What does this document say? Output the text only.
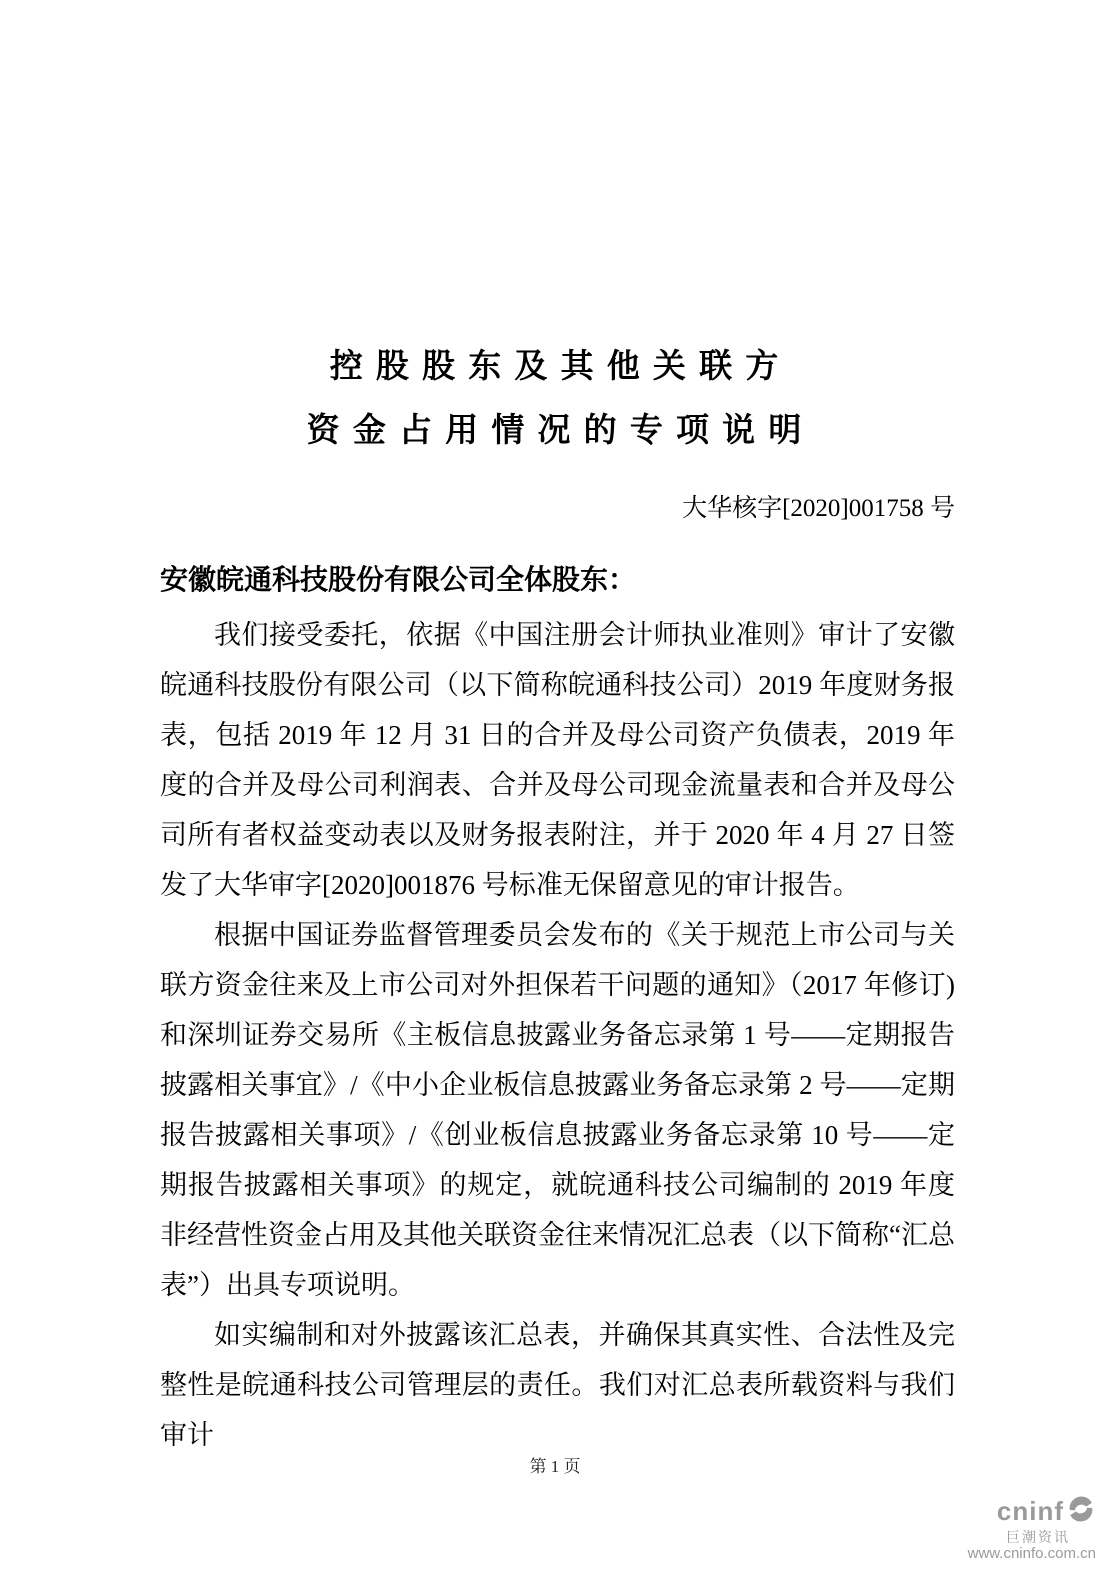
控 股 股 东 及 其 他 关 联 方
资 金 占 用 情 况 的 专 项 说 明
大华核字[2020]001758 号
安徽皖通科技股份有限公司全体股东：

我们接受委托，依据《中国注册会计师执业准则》审计了安徽皖通科技股份有限公司（以下简称皖通科技公司）2019 年度财务报表，包括 2019 年 12 月 31 日的合并及母公司资产负债表，2019 年度的合并及母公司利润表、合并及母公司现金流量表和合并及母公司所有者权益变动表以及财务报表附注，并于 2020 年 4 月 27 日签发了大华审字[2020]001876 号标准无保留意见的审计报告。

根据中国证券监督管理委员会发布的《关于规范上市公司与关联方资金往来及上市公司对外担保若干问题的通知》（2017 年修订)和深圳证券交易所《主板信息披露业务备忘录第 1 号——定期报告披露相关事宜》/《中小企业板信息披露业务备忘录第 2 号——定期报告披露相关事项》/《创业板信息披露业务备忘录第 10 号——定期报告披露相关事项》的规定，就皖通科技公司编制的 2019 年度非经营性资金占用及其他关联资金往来情况汇总表（以下简称“汇总表”）出具专项说明。

如实编制和对外披露该汇总表，并确保其真实性、合法性及完整性是皖通科技公司管理层的责任。我们对汇总表所载资料与我们审计

第 1 页
cninf
巨潮资讯
www.cninfo.com.cn
